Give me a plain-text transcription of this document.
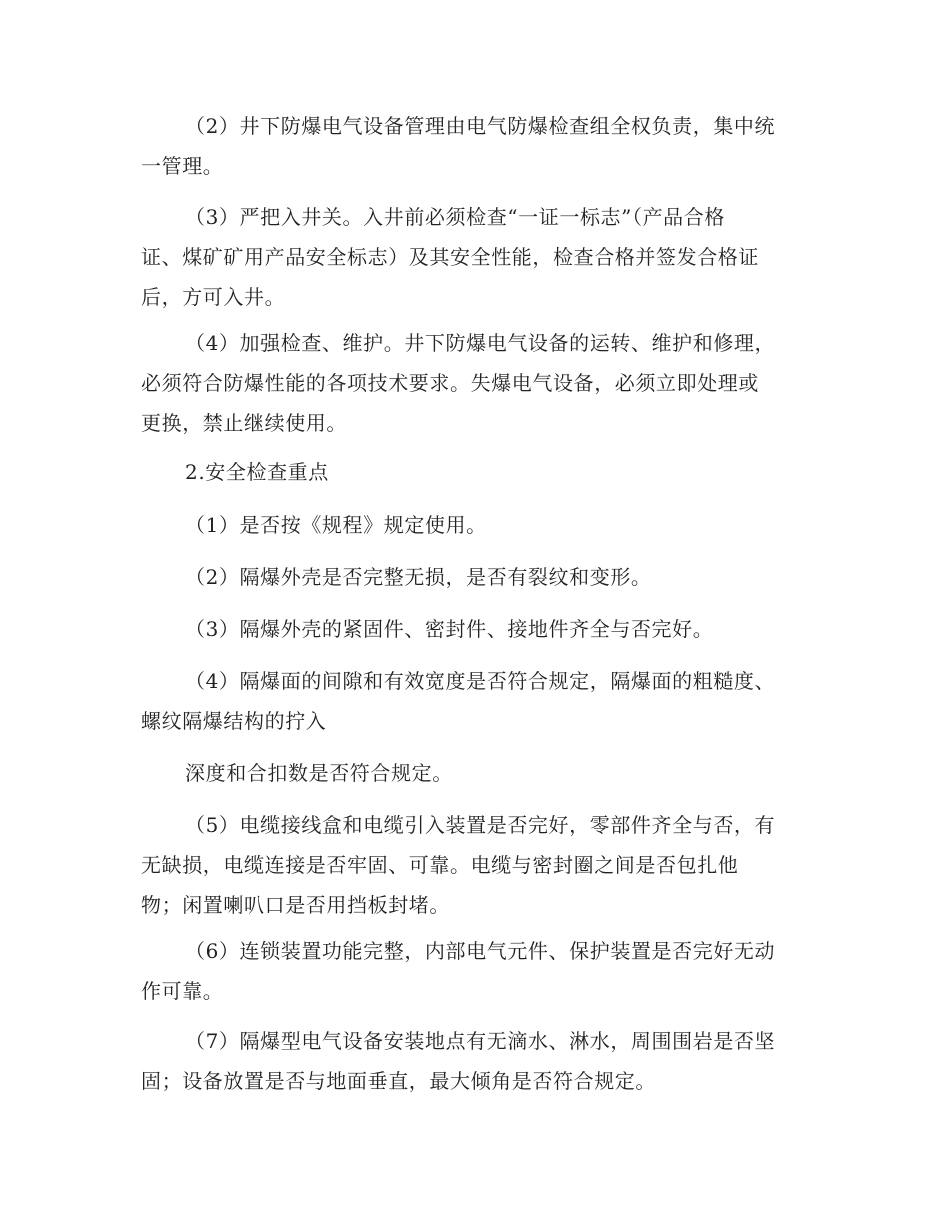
（2）井下防爆电气设备管理由电气防爆检查组全权负责，集中统
一管理。
（3）严把入井关。入井前必须检查“一证一标志”（产品合格
证、煤矿矿用产品安全标志）及其安全性能，检查合格并签发合格证
后，方可入井。
（4）加强检查、维护。井下防爆电气设备的运转、维护和修理，
必须符合防爆性能的各项技术要求。失爆电气设备，必须立即处理或
更换，禁止继续使用。
2.安全检查重点
（1）是否按《规程》规定使用。
（2）隔爆外壳是否完整无损，是否有裂纹和变形。
（3）隔爆外壳的紧固件、密封件、接地件齐全与否完好。
（4）隔爆面的间隙和有效宽度是否符合规定，隔爆面的粗糙度、
螺纹隔爆结构的拧入
深度和合扣数是否符合规定。
（5）电缆接线盒和电缆引入装置是否完好，零部件齐全与否，有
无缺损，电缆连接是否牢固、可靠。电缆与密封圈之间是否包扎他
物；闲置喇叭口是否用挡板封堵。
（6）连锁装置功能完整，内部电气元件、保护装置是否完好无动
作可靠。
（7）隔爆型电气设备安装地点有无滴水、淋水，周围围岩是否坚
固；设备放置是否与地面垂直，最大倾角是否符合规定。
